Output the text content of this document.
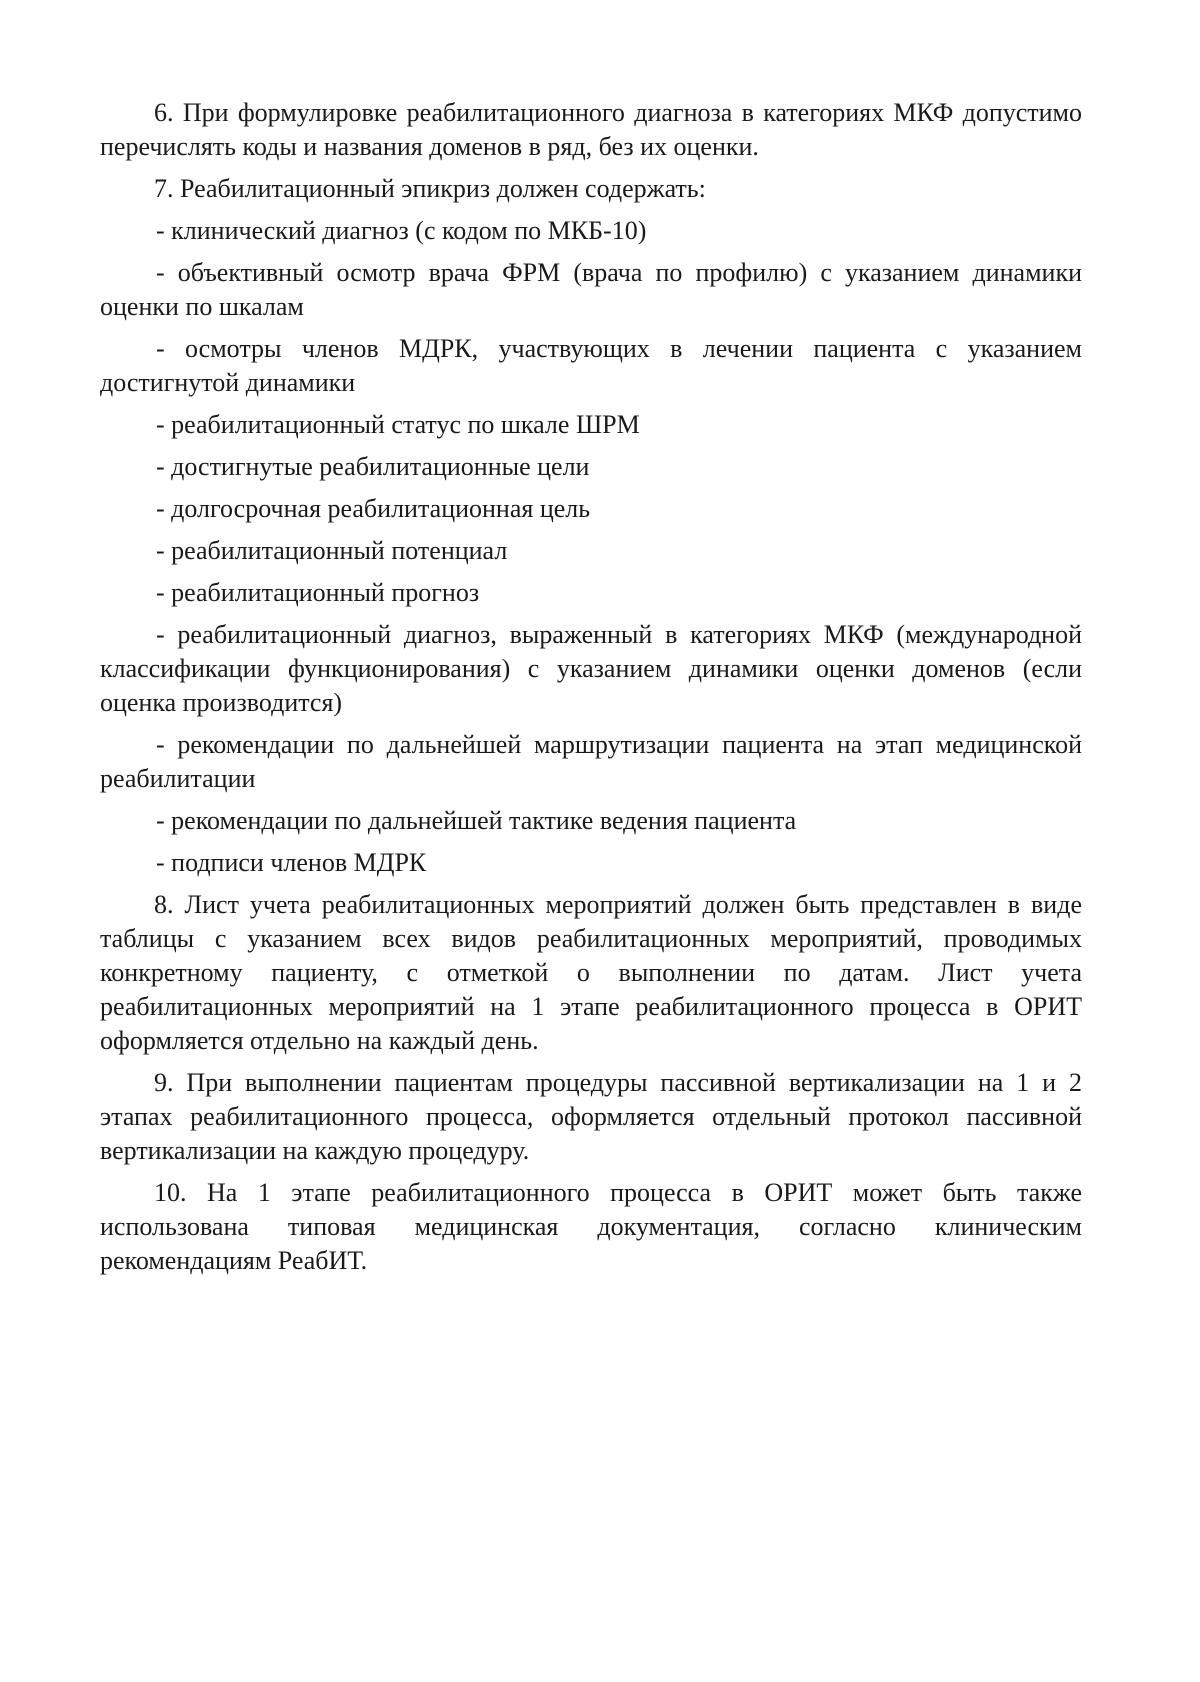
6. При формулировке реабилитационного диагноза в категориях МКФ допустимо перечислять коды и названия доменов в ряд, без их оценки.

7. Реабилитационный эпикриз должен содержать:

- клинический диагноз (с кодом по МКБ-10)

- объективный осмотр врача ФРМ (врача по профилю) с указанием динамики оценки по шкалам

- осмотры членов МДРК, участвующих в лечении пациента с указанием достигнутой динамики

- реабилитационный статус по шкале ШРМ

- достигнутые реабилитационные цели

- долгосрочная реабилитационная цель

- реабилитационный потенциал

- реабилитационный прогноз

- реабилитационный диагноз, выраженный в категориях МКФ (международной классификации функционирования) с указанием динамики оценки доменов (если оценка производится)

- рекомендации по дальнейшей маршрутизации пациента на этап медицинской реабилитации

- рекомендации по дальнейшей тактике ведения пациента

- подписи членов МДРК

8. Лист учета реабилитационных мероприятий должен быть представлен в виде таблицы с указанием всех видов реабилитационных мероприятий, проводимых конкретному пациенту, с отметкой о выполнении по датам. Лист учета реабилитационных мероприятий на 1 этапе реабилитационного процесса в ОРИТ оформляется отдельно на каждый день.

9. При выполнении пациентам процедуры пассивной вертикализации на 1 и 2 этапах реабилитационного процесса, оформляется отдельный протокол пассивной вертикализации на каждую процедуру.

10. На 1 этапе реабилитационного процесса в ОРИТ может быть также использована типовая медицинская документация, согласно клиническим рекомендациям РеабИТ.
